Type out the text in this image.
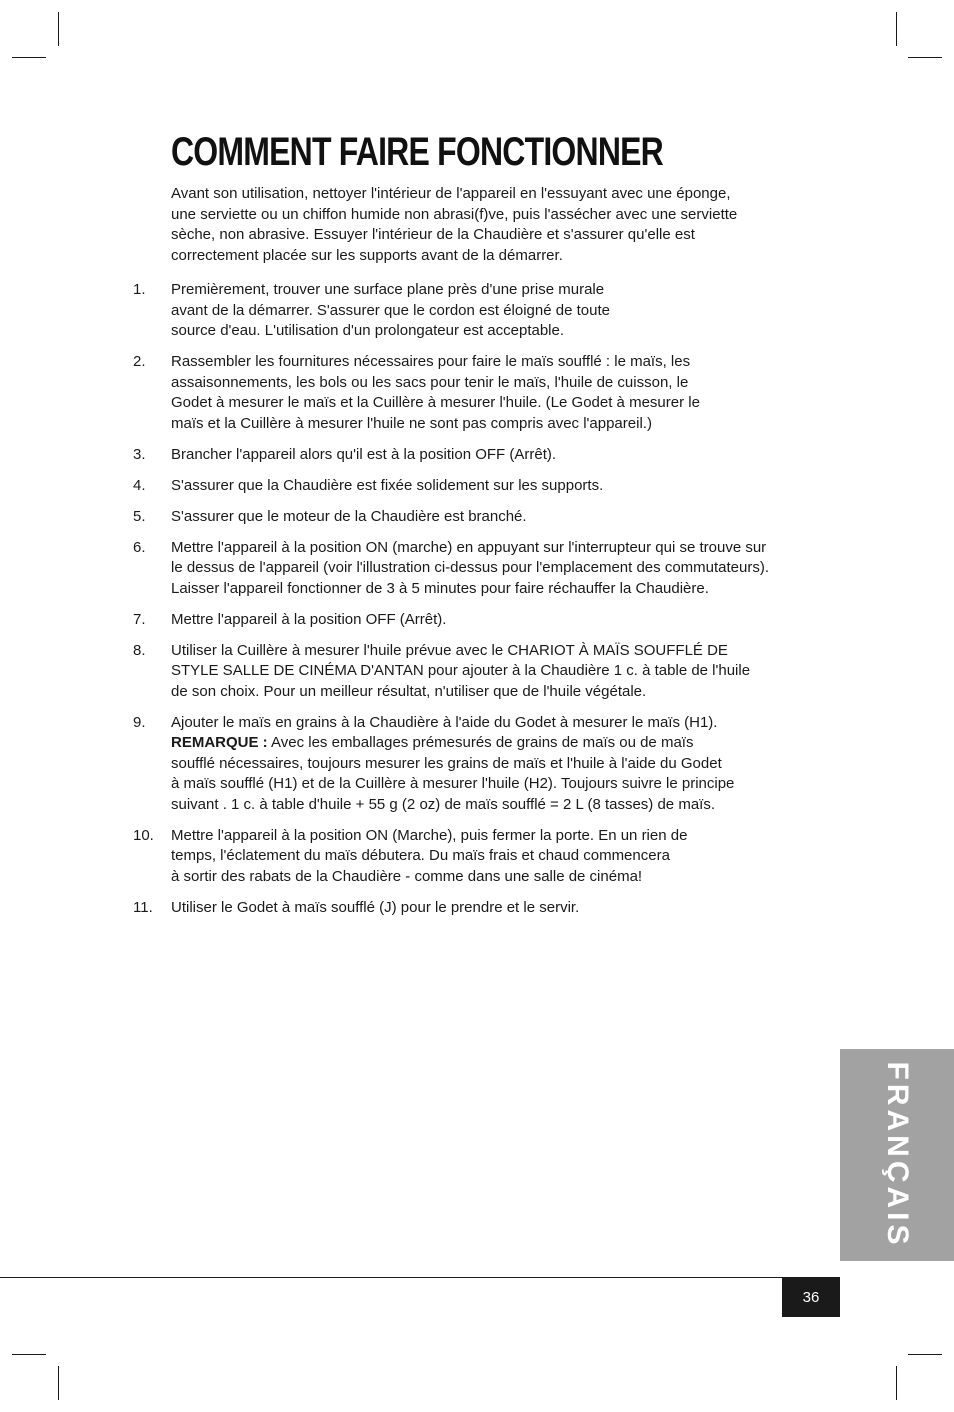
COMMENT FAIRE FONCTIONNER

Avant son utilisation, nettoyer l'intérieur de l'appareil en l'essuyant avec une éponge, une serviette ou un chiffon humide non abrasi(f)ve, puis l'assécher avec une serviette sèche, non abrasive. Essuyer l'intérieur de la Chaudière et s'assurer qu'elle est correctement placée sur les supports avant de la démarrer.

1. Premièrement, trouver une surface plane près d'une prise murale
avant de la démarrer. S'assurer que le cordon est éloigné de toute
source d'eau. L'utilisation d'un prolongateur est acceptable.

2. Rassembler les fournitures nécessaires pour faire le maïs soufflé : le maïs, les
assaisonnements, les bols ou les sacs pour tenir le maïs, l'huile de cuisson, le
Godet à mesurer le maïs et la Cuillère à mesurer l'huile. (Le Godet à mesurer le
maïs et la Cuillère à mesurer l'huile ne sont pas compris avec l'appareil.)

3. Brancher l'appareil alors qu'il est à la position OFF (Arrêt).

4. S'assurer que la Chaudière est fixée solidement sur les supports.

5. S'assurer que le moteur de la Chaudière est branché.

6. Mettre l'appareil à la position ON (marche) en appuyant sur l'interrupteur qui se trouve sur
le dessus de l'appareil (voir l'illustration ci-dessus pour l'emplacement des commutateurs).
Laisser l'appareil fonctionner de 3 à 5 minutes pour faire réchauffer la Chaudière.

7. Mettre l'appareil à la position OFF (Arrêt).

8. Utiliser la Cuillère à mesurer l'huile prévue avec le CHARIOT À MAÏS SOUFFLÉ DE
STYLE SALLE DE CINÉMA D'ANTAN pour ajouter à la Chaudière 1 c. à table de l'huile
de son choix. Pour un meilleur résultat, n'utiliser que de l'huile végétale.

9. Ajouter le maïs en grains à la Chaudière à l'aide du Godet à mesurer le maïs (H1).
REMARQUE : Avec les emballages prémesurés de grains de maïs ou de maïs
soufflé nécessaires, toujours mesurer les grains de maïs et l'huile à l'aide du Godet
à maïs soufflé (H1) et de la Cuillère à mesurer l'huile (H2). Toujours suivre le principe
suivant . 1 c. à table d'huile + 55 g (2 oz) de maïs soufflé = 2 L (8 tasses) de maïs.
10. Mettre l'appareil à la position ON (Marche), puis fermer la porte. En un rien de
temps, l'éclatement du maïs débutera. Du maïs frais et chaud commencera
à sortir des rabats de la Chaudière - comme dans une salle de cinéma!

11. Utiliser le Godet à maïs soufflé (J) pour le prendre et le servir.

FRANÇAIS
36
